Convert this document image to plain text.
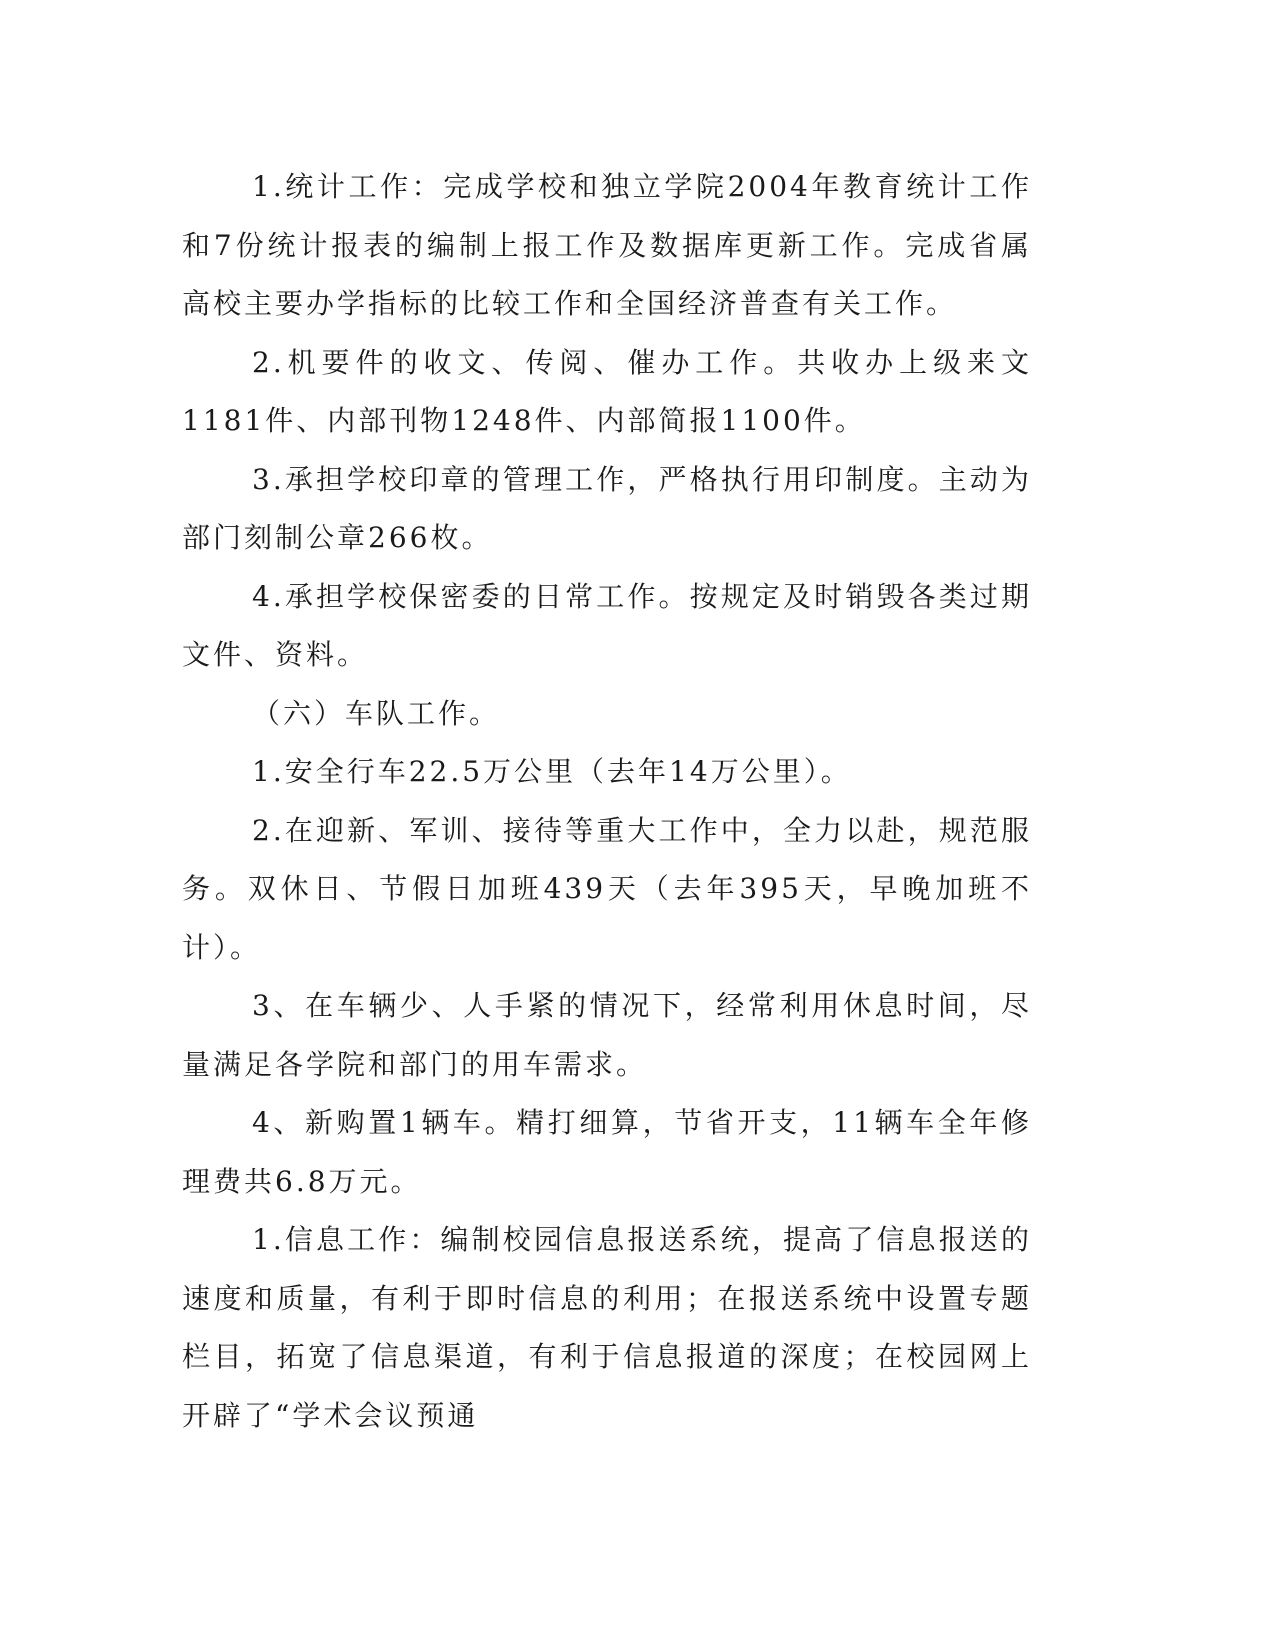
1.统计工作：完成学校和独立学院2004年教育统计工作和7份统计报表的编制上报工作及数据库更新工作。完成省属高校主要办学指标的比较工作和全国经济普查有关工作。

2.机要件的收文、传阅、催办工作。共收办上级来文1181件、内部刊物1248件、内部简报1100件。

3.承担学校印章的管理工作，严格执行用印制度。主动为部门刻制公章266枚。

4.承担学校保密委的日常工作。按规定及时销毁各类过期文件、资料。

（六）车队工作。

1.安全行车22.5万公里（去年14万公里）。

2.在迎新、军训、接待等重大工作中，全力以赴，规范服务。双休日、节假日加班439天（去年395天，早晚加班不计）。

3、在车辆少、人手紧的情况下，经常利用休息时间，尽量满足各学院和部门的用车需求。

4、新购置1辆车。精打细算，节省开支，11辆车全年修理费共6.8万元。

1.信息工作：编制校园信息报送系统，提高了信息报送的速度和质量，有利于即时信息的利用；在报送系统中设置专题栏目，拓宽了信息渠道，有利于信息报道的深度；在校园网上开辟了“学术会议预通
